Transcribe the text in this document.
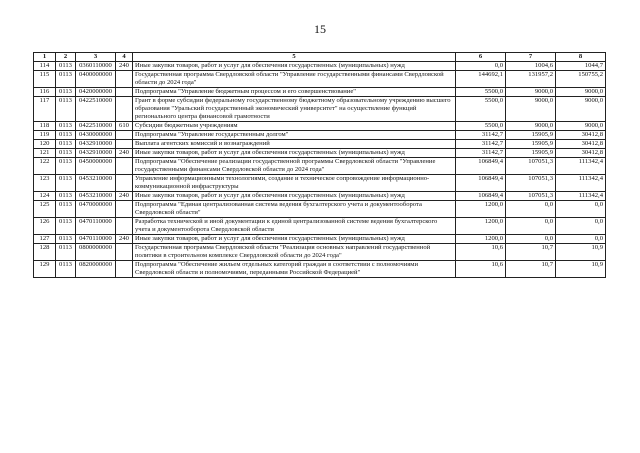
15
1	2	3	4	5	6	7	8
114	0113	0360110000	240	Иные закупки товаров, работ и услуг для обеспечения государственных (муниципальных) нужд	0,0	1004,6	1044,7
115	0113	0400000000		Государственная программа Свердловской области "Управление государственными финансами Свердловской области до 2024 года"	144692,1	131957,2	150755,2
116	0113	0420000000		Подпрограмма "Управление бюджетным процессом и его совершенствование"	5500,0	9000,0	9000,0
117	0113	0422510000		Грант в форме субсидии федеральному государственному бюджетному образовательному учреждению высшего образования "Уральский государственный экономический университет" на осуществление функций регионального центра финансовой грамотности	5500,0	9000,0	9000,0
118	0113	0422510000	610	Субсидии бюджетным учреждениям	5500,0	9000,0	9000,0
119	0113	0430000000		Подпрограмма "Управление государственным долгом"	31142,7	15905,9	30412,8
120	0113	0432910000		Выплата агентских комиссий и вознаграждений	31142,7	15905,9	30412,8
121	0113	0432910000	240	Иные закупки товаров, работ и услуг для обеспечения государственных (муниципальных) нужд	31142,7	15905,9	30412,8
122	0113	0450000000		Подпрограмма "Обеспечение реализации государственной программы Свердловской области "Управление государственными финансами Свердловской области до 2024 года"	106849,4	107051,3	111342,4
123	0113	0453210000		Управление информационными технологиями, создание и техническое сопровождение информационно-коммуникационной инфраструктуры	106849,4	107051,3	111342,4
124	0113	0453210000	240	Иные закупки товаров, работ и услуг для обеспечения государственных (муниципальных) нужд	106849,4	107051,3	111342,4
125	0113	0470000000		Подпрограмма "Единая централизованная система ведения бухгалтерского учета и документооборота Свердловской области"	1200,0	0,0	0,0
126	0113	0470110000		Разработка технической и иной документации к единой централизованной системе ведения бухгалтерского учета и документооборота Свердловской области	1200,0	0,0	0,0
127	0113	0470110000	240	Иные закупки товаров, работ и услуг для обеспечения государственных (муниципальных) нужд	1200,0	0,0	0,0
128	0113	0800000000		Государственная программа Свердловской области "Реализация основных направлений государственной политики в строительном комплексе Свердловской области до 2024 года"	10,6	10,7	10,9
129	0113	0820000000		Подпрограмма "Обеспечение жильем отдельных категорий граждан в соответствии с полномочиями Свердловской области и полномочиями, переданными Российской Федерацией"	10,6	10,7	10,9
